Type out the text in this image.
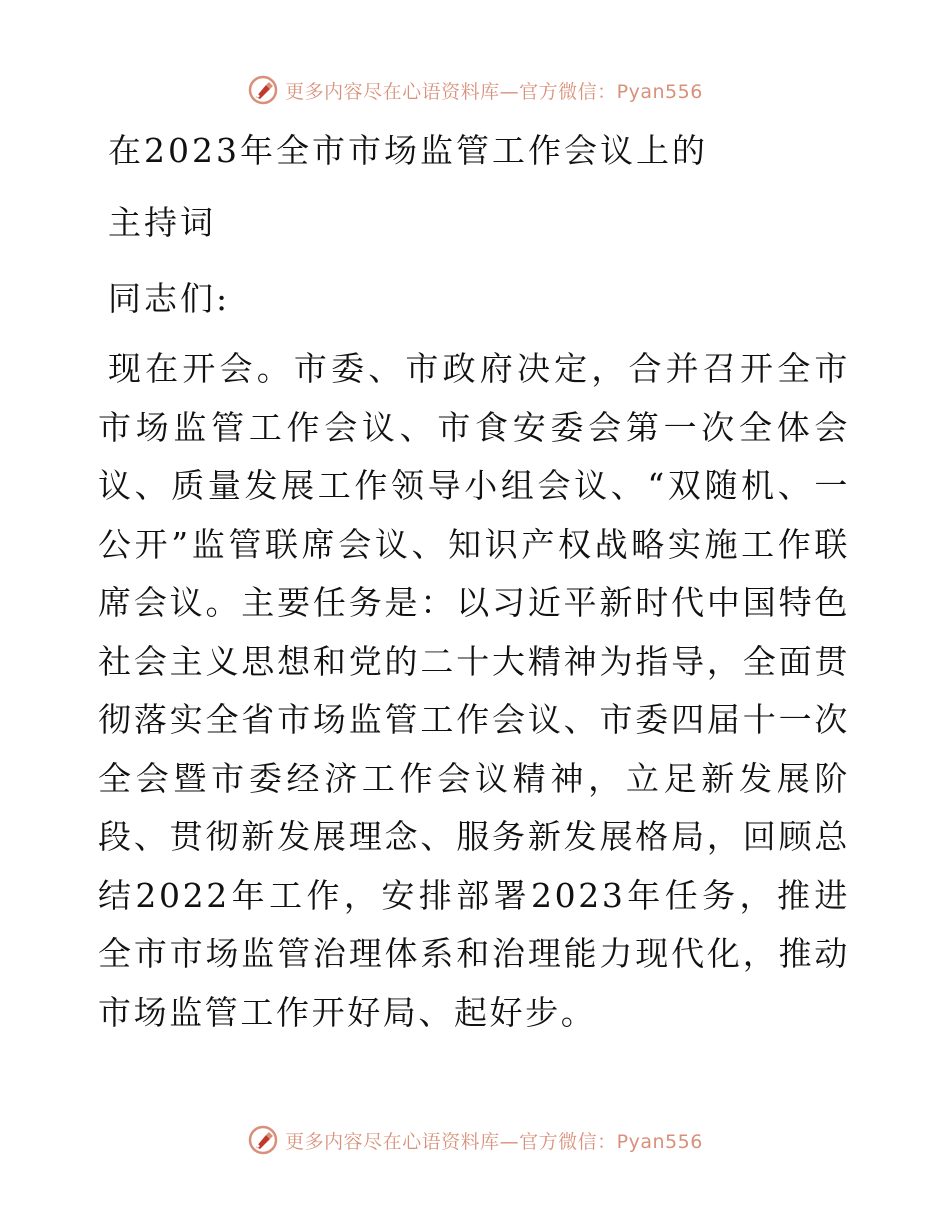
更多内容尽在心语资料库—官方微信：Pyan556
在2023年全市市场监管工作会议上的
主持词
同志们:

现在开会。市委、市政府决定，合并召开全市市场监管工作会议、市食安委会第一次全体会议、质量发展工作领导小组会议、“双随机、一公开”监管联席会议、知识产权战略实施工作联席会议。主要任务是：以习近平新时代中国特色社会主义思想和党的二十大精神为指导，全面贯彻落实全省市场监管工作会议、市委四届十一次全会暨市委经济工作会议精神，立足新发展阶段、贯彻新发展理念、服务新发展格局，回顾总结2022年工作，安排部署2023年任务，推进全市市场监管治理体系和治理能力现代化，推动市场监管工作开好局、起好步。

更多内容尽在心语资料库—官方微信：Pyan556
